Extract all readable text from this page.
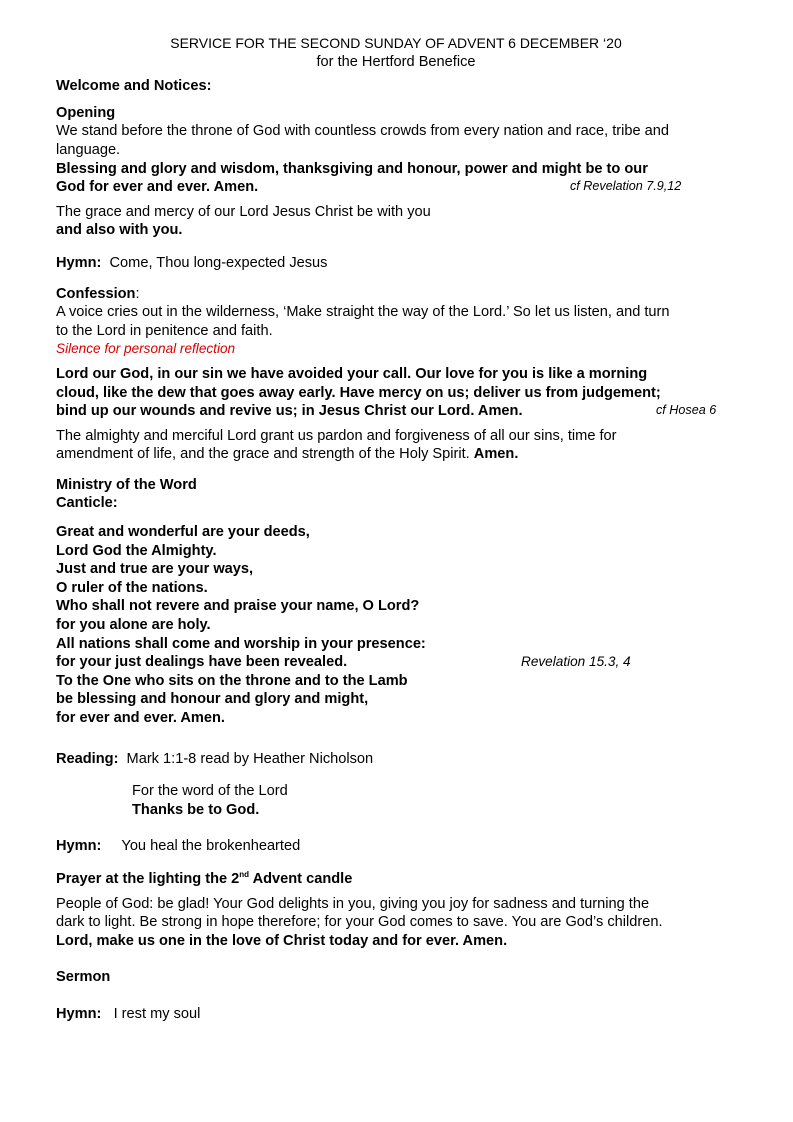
SERVICE FOR THE SECOND SUNDAY OF ADVENT 6 DECEMBER ‘20
for the Hertford Benefice
Welcome and Notices:
Opening
We stand before the throne of God with countless crowds from every nation and race, tribe and
language.
Blessing and glory and wisdom, thanksgiving and honour, power and might be to our
God for ever and ever. Amen.	cf Revelation 7.9,12
The grace and mercy of our Lord Jesus Christ be with you
and also with you.
Hymn: Come, Thou long-expected Jesus
Confession:
A voice cries out in the wilderness, ‘Make straight the way of the Lord.’ So let us listen, and turn
to the Lord in penitence and faith.
Silence for personal reflection
Lord our God, in our sin we have avoided your call. Our love for you is like a morning
cloud, like the dew that goes away early. Have mercy on us; deliver us from judgement;
bind up our wounds and revive us; in Jesus Christ our Lord. Amen.	cf Hosea 6
The almighty and merciful Lord grant us pardon and forgiveness of all our sins, time for
amendment of life, and the grace and strength of the Holy Spirit. Amen.
Ministry of the Word
Canticle:
Great and wonderful are your deeds,
Lord God the Almighty.
Just and true are your ways,
O ruler of the nations.
Who shall not revere and praise your name, O Lord?
for you alone are holy.
All nations shall come and worship in your presence:
for your just dealings have been revealed.	Revelation 15.3, 4
To the One who sits on the throne and to the Lamb
be blessing and honour and glory and might,
for ever and ever. Amen.
Reading: Mark 1:1-8 read by Heather Nicholson
For the word of the Lord
Thanks be to God.
Hymn: You heal the brokenhearted
Prayer at the lighting the 2nd Advent candle
People of God: be glad! Your God delights in you, giving you joy for sadness and turning the
dark to light. Be strong in hope therefore; for your God comes to save. You are God’s children.
Lord, make us one in the love of Christ today and for ever. Amen.
Sermon
Hymn: I rest my soul
